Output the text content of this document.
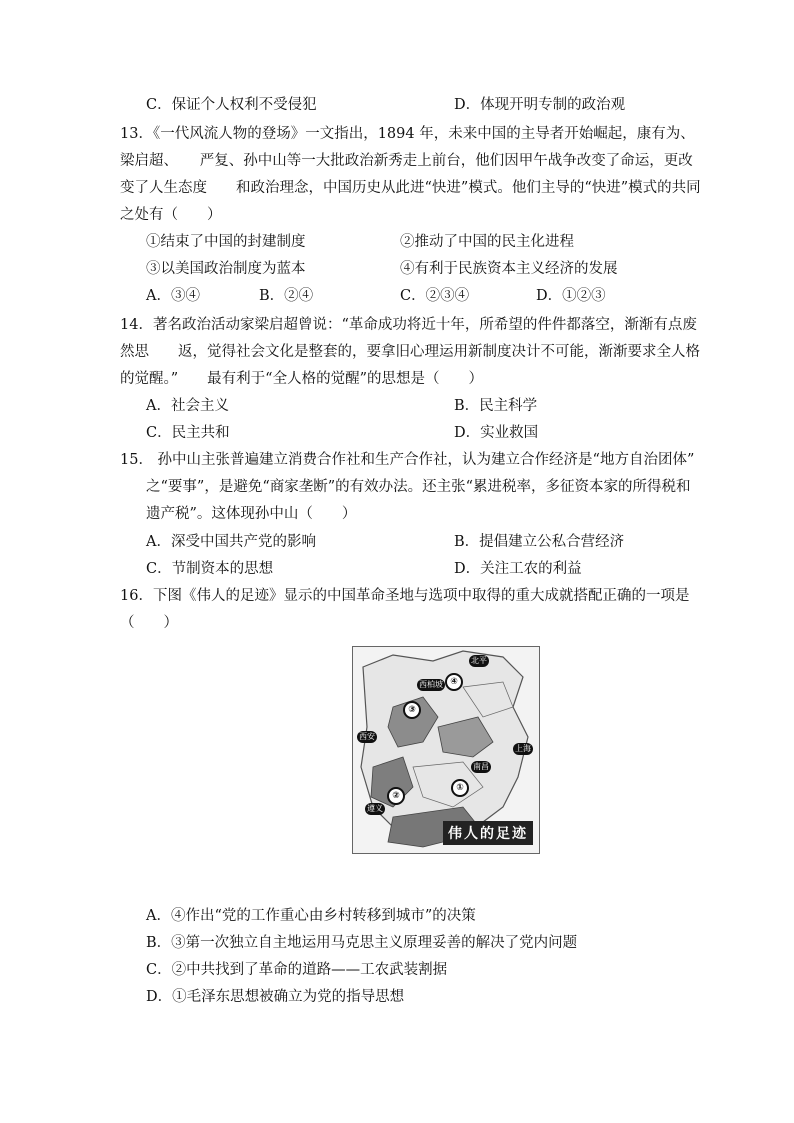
C．保证个人权利不受侵犯	D．体现开明专制的政治观
13．《一代风流人物的登场》一文指出，1894 年，未来中国的主导者开始崛起，康有为、
梁启超、　　严复、孙中山等一大批政治新秀走上前台，他们因甲午战争改变了命运，更改
变了人生态度　　和政治理念，中国历史从此进“快进”模式。他们主导的“快进”模式的共同
之处有（　　）
①结束了中国的封建制度	②推动了中国的民主化进程
③以美国政治制度为蓝本	④有利于民族资本主义经济的发展
A．③④	B．②④	C．②③④	D．①②③
14．著名政治活动家梁启超曾说：“革命成功将近十年，所希望的件件都落空，渐渐有点废
然思　　返，觉得社会文化是整套的，要拿旧心理运用新制度决计不可能，渐渐要求全人格
的觉醒。”　　最有利于“全人格的觉醒”的思想是（　　）
A．社会主义	B．民主科学
C．民主共和	D．实业救国
15． 孙中山主张普遍建立消费合作社和生产合作社，认为建立合作经济是“地方自治团体”
之“要事”，是避免“商家垄断”的有效办法。还主张“累进税率，多征资本家的所得税和
遗产税”。这体现孙中山（　　）
A．深受中国共产党的影响	B．提倡建立公私合营经济
C．节制资本的思想	D．关注工农的利益
16．下图《伟人的足迹》显示的中国革命圣地与选项中取得的重大成就搭配正确的一项是
（　　）
北平
④
西柏坡
③
西安
上海
南昌
①
②
遵义
伟人的足迹
A．④作出“党的工作重心由乡村转移到城市”的决策
B．③第一次独立自主地运用马克思主义原理妥善的解决了党内问题
C．②中共找到了革命的道路——工农武装割据
D．①毛泽东思想被确立为党的指导思想
